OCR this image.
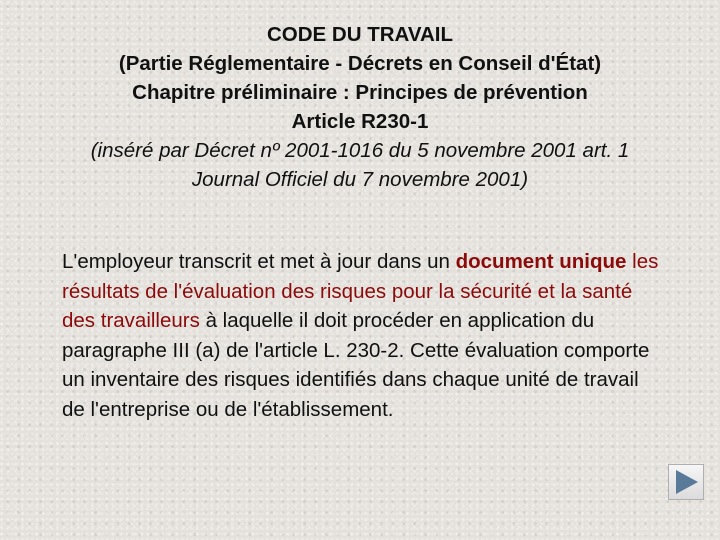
CODE DU TRAVAIL
(Partie Réglementaire - Décrets en Conseil d'État)
Chapitre préliminaire : Principes de prévention
Article R230-1
(inséré par Décret nº 2001-1016 du 5 novembre 2001 art. 1
Journal Officiel du 7 novembre 2001)
L'employeur transcrit et met à jour dans un document unique les résultats de l'évaluation des risques pour la sécurité et la santé des travailleurs à laquelle il doit procéder en application du paragraphe III (a) de l'article L. 230-2. Cette évaluation comporte un inventaire des risques identifiés dans chaque unité de travail de l'entreprise ou de l'établissement.
